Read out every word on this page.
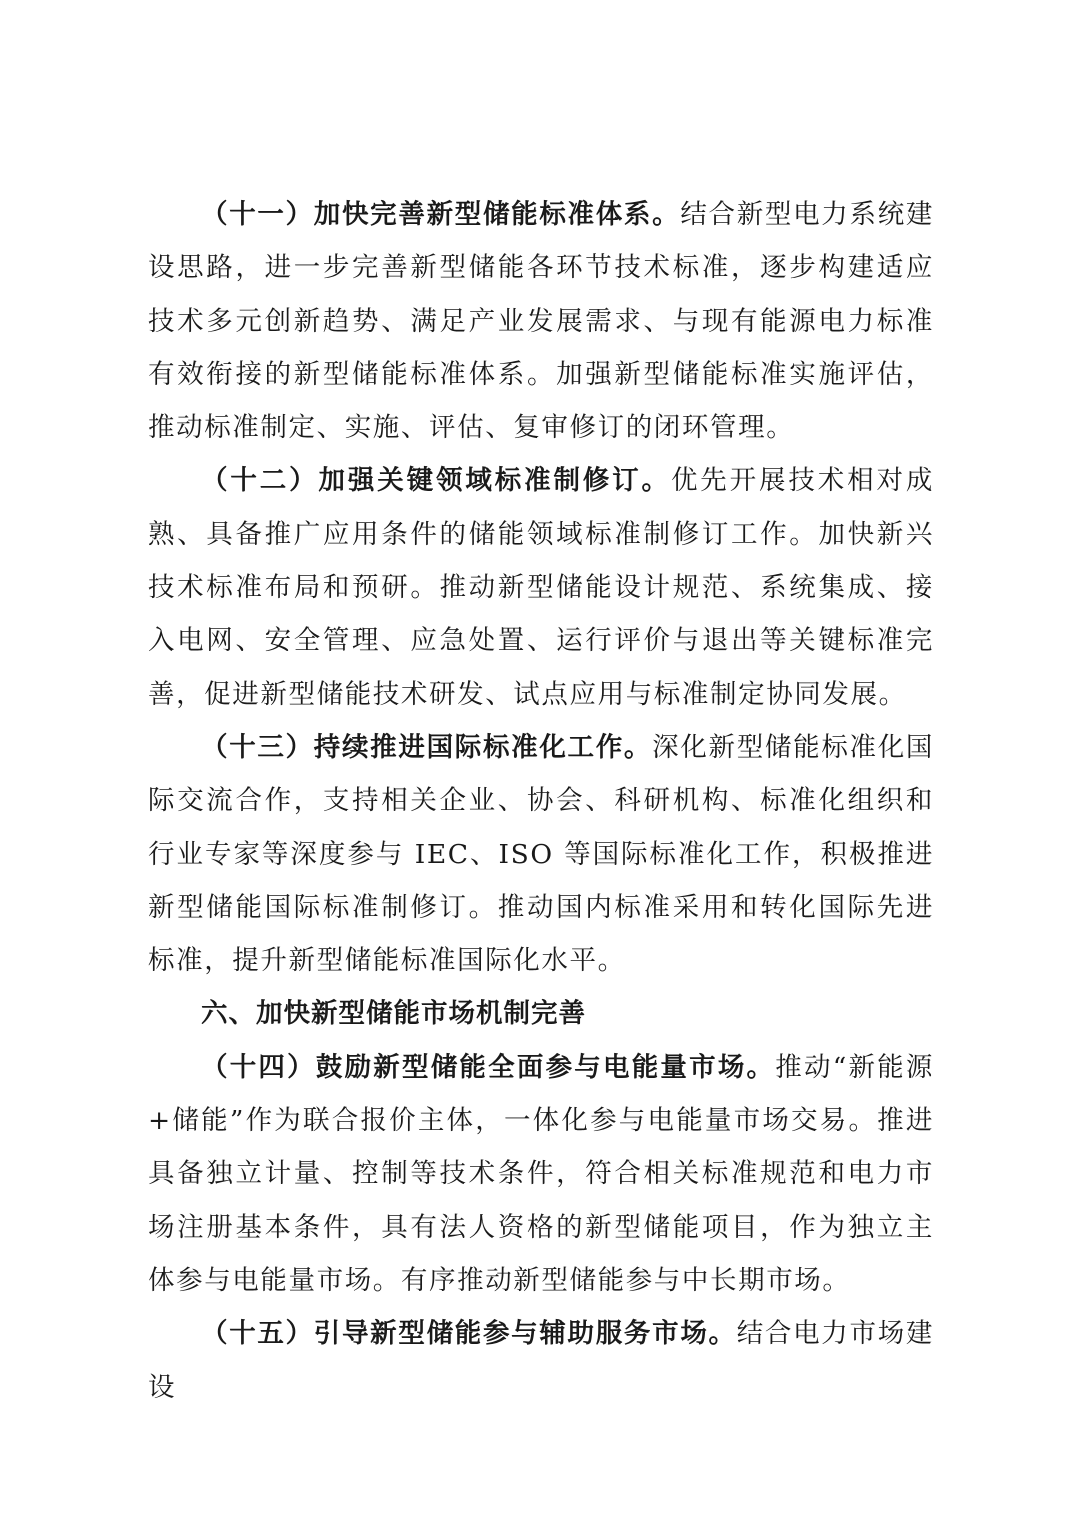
（十一）加快完善新型储能标准体系。结合新型电力系统建设思路，进一步完善新型储能各环节技术标准，逐步构建适应技术多元创新趋势、满足产业发展需求、与现有能源电力标准有效衔接的新型储能标准体系。加强新型储能标准实施评估，推动标准制定、实施、评估、复审修订的闭环管理。

（十二）加强关键领域标准制修订。优先开展技术相对成熟、具备推广应用条件的储能领域标准制修订工作。加快新兴技术标准布局和预研。推动新型储能设计规范、系统集成、接入电网、安全管理、应急处置、运行评价与退出等关键标准完善，促进新型储能技术研发、试点应用与标准制定协同发展。

（十三）持续推进国际标准化工作。深化新型储能标准化国际交流合作，支持相关企业、协会、科研机构、标准化组织和行业专家等深度参与 IEC、ISO 等国际标准化工作，积极推进新型储能国际标准制修订。推动国内标准采用和转化国际先进标准，提升新型储能标准国际化水平。

六、加快新型储能市场机制完善

（十四）鼓励新型储能全面参与电能量市场。推动“新能源+储能”作为联合报价主体，一体化参与电能量市场交易。推进具备独立计量、控制等技术条件，符合相关标准规范和电力市场注册基本条件，具有法人资格的新型储能项目，作为独立主体参与电能量市场。有序推动新型储能参与中长期市场。

（十五）引导新型储能参与辅助服务市场。结合电力市场建设
